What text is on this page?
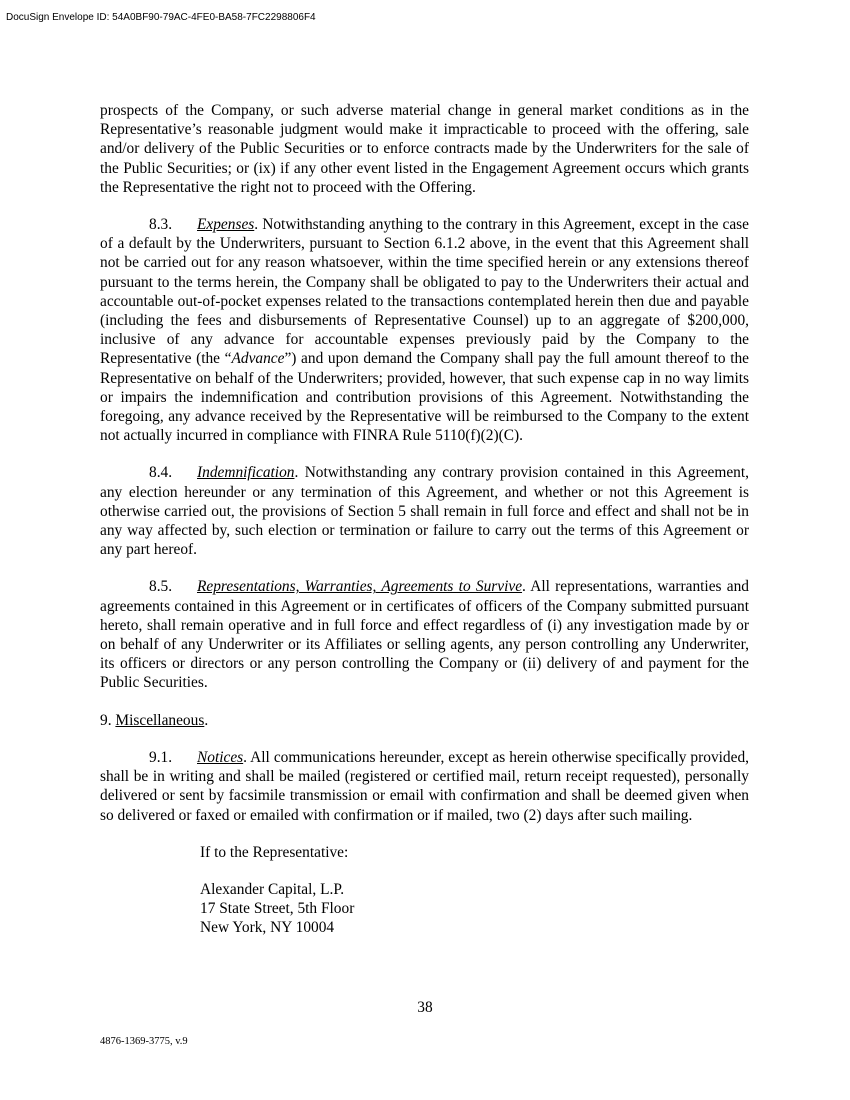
DocuSign Envelope ID: 54A0BF90-79AC-4FE0-BA58-7FC2298806F4

prospects of the Company, or such adverse material change in general market conditions as in the Representative’s reasonable judgment would make it impracticable to proceed with the offering, sale and/or delivery of the Public Securities or to enforce contracts made by the Underwriters for the sale of the Public Securities; or (ix) if any other event listed in the Engagement Agreement occurs which grants the Representative the right not to proceed with the Offering.

8.3. Expenses. Notwithstanding anything to the contrary in this Agreement, except in the case of a default by the Underwriters, pursuant to Section 6.1.2 above, in the event that this Agreement shall not be carried out for any reason whatsoever, within the time specified herein or any extensions thereof pursuant to the terms herein, the Company shall be obligated to pay to the Underwriters their actual and accountable out-of-pocket expenses related to the transactions contemplated herein then due and payable (including the fees and disbursements of Representative Counsel) up to an aggregate of $200,000, inclusive of any advance for accountable expenses previously paid by the Company to the Representative (the “Advance”) and upon demand the Company shall pay the full amount thereof to the Representative on behalf of the Underwriters; provided, however, that such expense cap in no way limits or impairs the indemnification and contribution provisions of this Agreement. Notwithstanding the foregoing, any advance received by the Representative will be reimbursed to the Company to the extent not actually incurred in compliance with FINRA Rule 5110(f)(2)(C).

8.4. Indemnification. Notwithstanding any contrary provision contained in this Agreement, any election hereunder or any termination of this Agreement, and whether or not this Agreement is otherwise carried out, the provisions of Section 5 shall remain in full force and effect and shall not be in any way affected by, such election or termination or failure to carry out the terms of this Agreement or any part hereof.

8.5. Representations, Warranties, Agreements to Survive. All representations, warranties and agreements contained in this Agreement or in certificates of officers of the Company submitted pursuant hereto, shall remain operative and in full force and effect regardless of (i) any investigation made by or on behalf of any Underwriter or its Affiliates or selling agents, any person controlling any Underwriter, its officers or directors or any person controlling the Company or (ii) delivery of and payment for the Public Securities.

9. Miscellaneous.

9.1. Notices. All communications hereunder, except as herein otherwise specifically provided, shall be in writing and shall be mailed (registered or certified mail, return receipt requested), personally delivered or sent by facsimile transmission or email with confirmation and shall be deemed given when so delivered or faxed or emailed with confirmation or if mailed, two (2) days after such mailing.

If to the Representative:

Alexander Capital, L.P.
17 State Street, 5th Floor
New York, NY 10004

38
4876-1369-3775, v.9
